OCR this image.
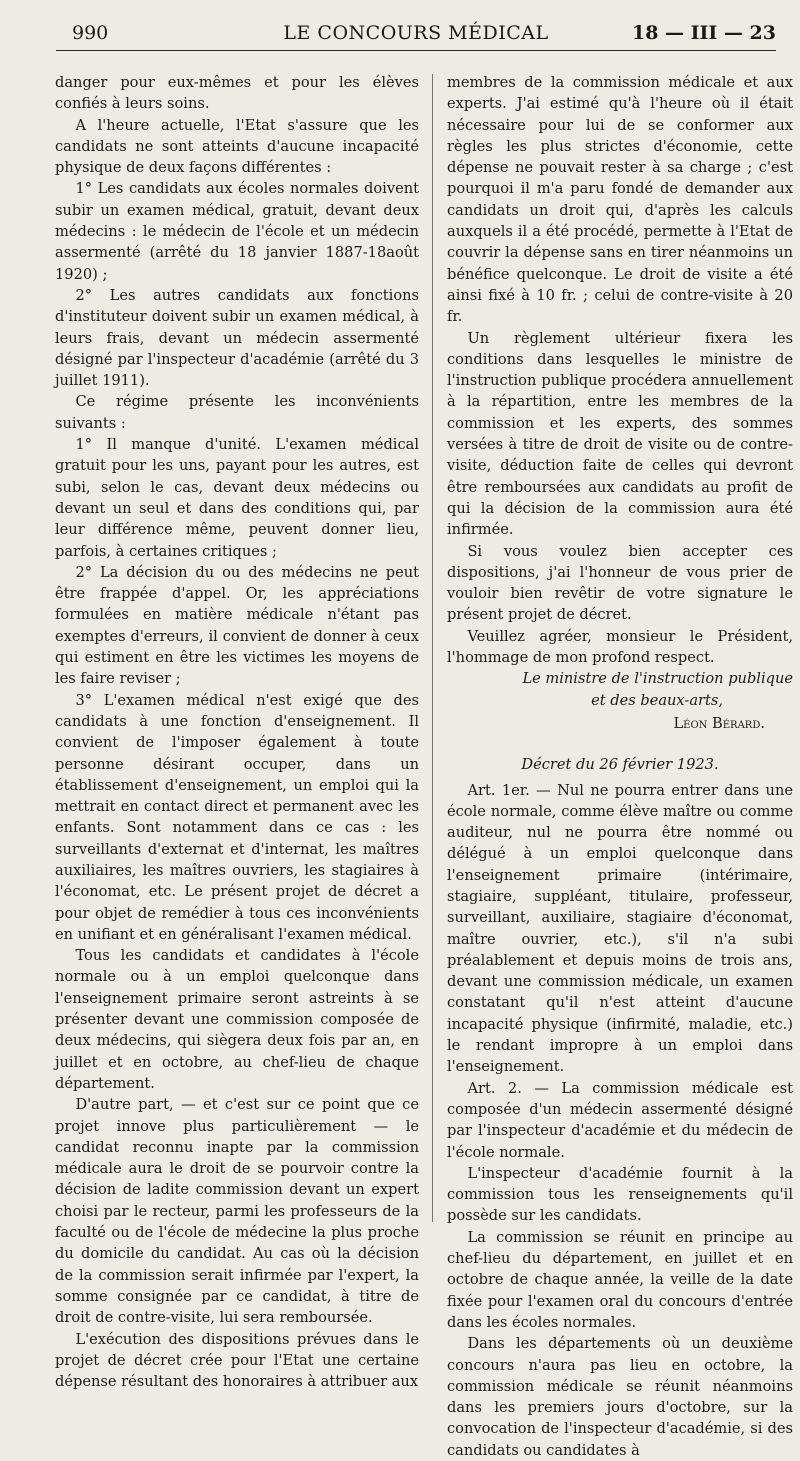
990	LE CONCOURS MÉDICAL	18 — III — 23

danger pour eux-mêmes et pour les élèves confiés à leurs soins.

A l'heure actuelle, l'Etat s'assure que les candidats ne sont atteints d'aucune incapacité physique de deux façons différentes :

1° Les candidats aux écoles normales doivent subir un examen médical, gratuit, devant deux médecins : le médecin de l'école et un médecin assermenté (arrêté du 18 janvier 1887-18août 1920) ;

2° Les autres candidats aux fonctions d'instituteur doivent subir un examen médical, à leurs frais, devant un médecin assermenté désigné par l'inspecteur d'académie (arrêté du 3 juillet 1911).

Ce régime présente les inconvénients suivants :

1° Il manque d'unité. L'examen médical gratuit pour les uns, payant pour les autres, est subi, selon le cas, devant deux médecins ou devant un seul et dans des conditions qui, par leur différence même, peuvent donner lieu, parfois, à certaines critiques ;

2° La décision du ou des médecins ne peut être frappée d'appel. Or, les appréciations formulées en matière médicale n'étant pas exemptes d'erreurs, il convient de donner à ceux qui estiment en être les victimes les moyens de les faire reviser ;

3° L'examen médical n'est exigé que des candidats à une fonction d'enseignement. Il convient de l'imposer également à toute personne désirant occuper, dans un établissement d'enseignement, un emploi qui la mettrait en contact direct et permanent avec les enfants. Sont notamment dans ce cas : les surveillants d'externat et d'internat, les maîtres auxiliaires, les maîtres ouvriers, les stagiaires à l'économat, etc. Le présent projet de décret a pour objet de remédier à tous ces inconvénients en unifiant et en généralisant l'examen médical.

Tous les candidats et candidates à l'école normale ou à un emploi quelconque dans l'enseignement primaire seront astreints à se présenter devant une commission composée de deux médecins, qui siègera deux fois par an, en juillet et en octobre, au chef-lieu de chaque département.

D'autre part, — et c'est sur ce point que ce projet innove plus particulièrement — le candidat reconnu inapte par la commission médicale aura le droit de se pourvoir contre la décision de ladite commission devant un expert choisi par le recteur, parmi les professeurs de la faculté ou de l'école de médecine la plus proche du domicile du candidat. Au cas où la décision de la commission serait infirmée par l'expert, la somme consignée par ce candidat, à titre de droit de contre-visite, lui sera remboursée.

L'exécution des dispositions prévues dans le projet de décret crée pour l'Etat une certaine dépense résultant des honoraires à attribuer aux

membres de la commission médicale et aux experts. J'ai estimé qu'à l'heure où il était nécessaire pour lui de se conformer aux règles les plus strictes d'économie, cette dépense ne pouvait rester à sa charge ; c'est pourquoi il m'a paru fondé de demander aux candidats un droit qui, d'après les calculs auxquels il a été procédé, permette à l'Etat de couvrir la dépense sans en tirer néanmoins un bénéfice quelconque. Le droit de visite a été ainsi fixé à 10 fr. ; celui de contre-visite à 20 fr.

Un règlement ultérieur fixera les conditions dans lesquelles le ministre de l'instruction publique procédera annuellement à la répartition, entre les membres de la commission et les experts, des sommes versées à titre de droit de visite ou de contre-visite, déduction faite de celles qui devront être remboursées aux candidats au profit de qui la décision de la commission aura été infirmée.

Si vous voulez bien accepter ces dispositions, j'ai l'honneur de vous prier de vouloir bien revêtir de votre signature le présent projet de décret.

Veuillez agréer, monsieur le Président, l'hommage de mon profond respect.

Le ministre de l'instruction publique

et des beaux-arts,

Léon Bérard.

Décret du 26 février 1923.

Art. 1er. — Nul ne pourra entrer dans une école normale, comme élève maître ou comme auditeur, nul ne pourra être nommé ou délégué à un emploi quelconque dans l'enseignement primaire (intérimaire, stagiaire, suppléant, titulaire, professeur, surveillant, auxiliaire, stagiaire d'économat, maître ouvrier, etc.), s'il n'a subi préalablement et depuis moins de trois ans, devant une commission médicale, un examen constatant qu'il n'est atteint d'aucune incapacité physique (infirmité, maladie, etc.) le rendant impropre à un emploi dans l'enseignement.

Art. 2. — La commission médicale est composée d'un médecin assermenté désigné par l'inspecteur d'académie et du médecin de l'école normale.

L'inspecteur d'académie fournit à la commission tous les renseignements qu'il possède sur les candidats.

La commission se réunit en principe au chef-lieu du département, en juillet et en octobre de chaque année, la veille de la date fixée pour l'examen oral du concours d'entrée dans les écoles normales.

Dans les départements où un deuxième concours n'aura pas lieu en octobre, la commission médicale se réunit néanmoins dans les premiers jours d'octobre, sur la convocation de l'inspecteur d'académie, si des candidats ou candidates à
